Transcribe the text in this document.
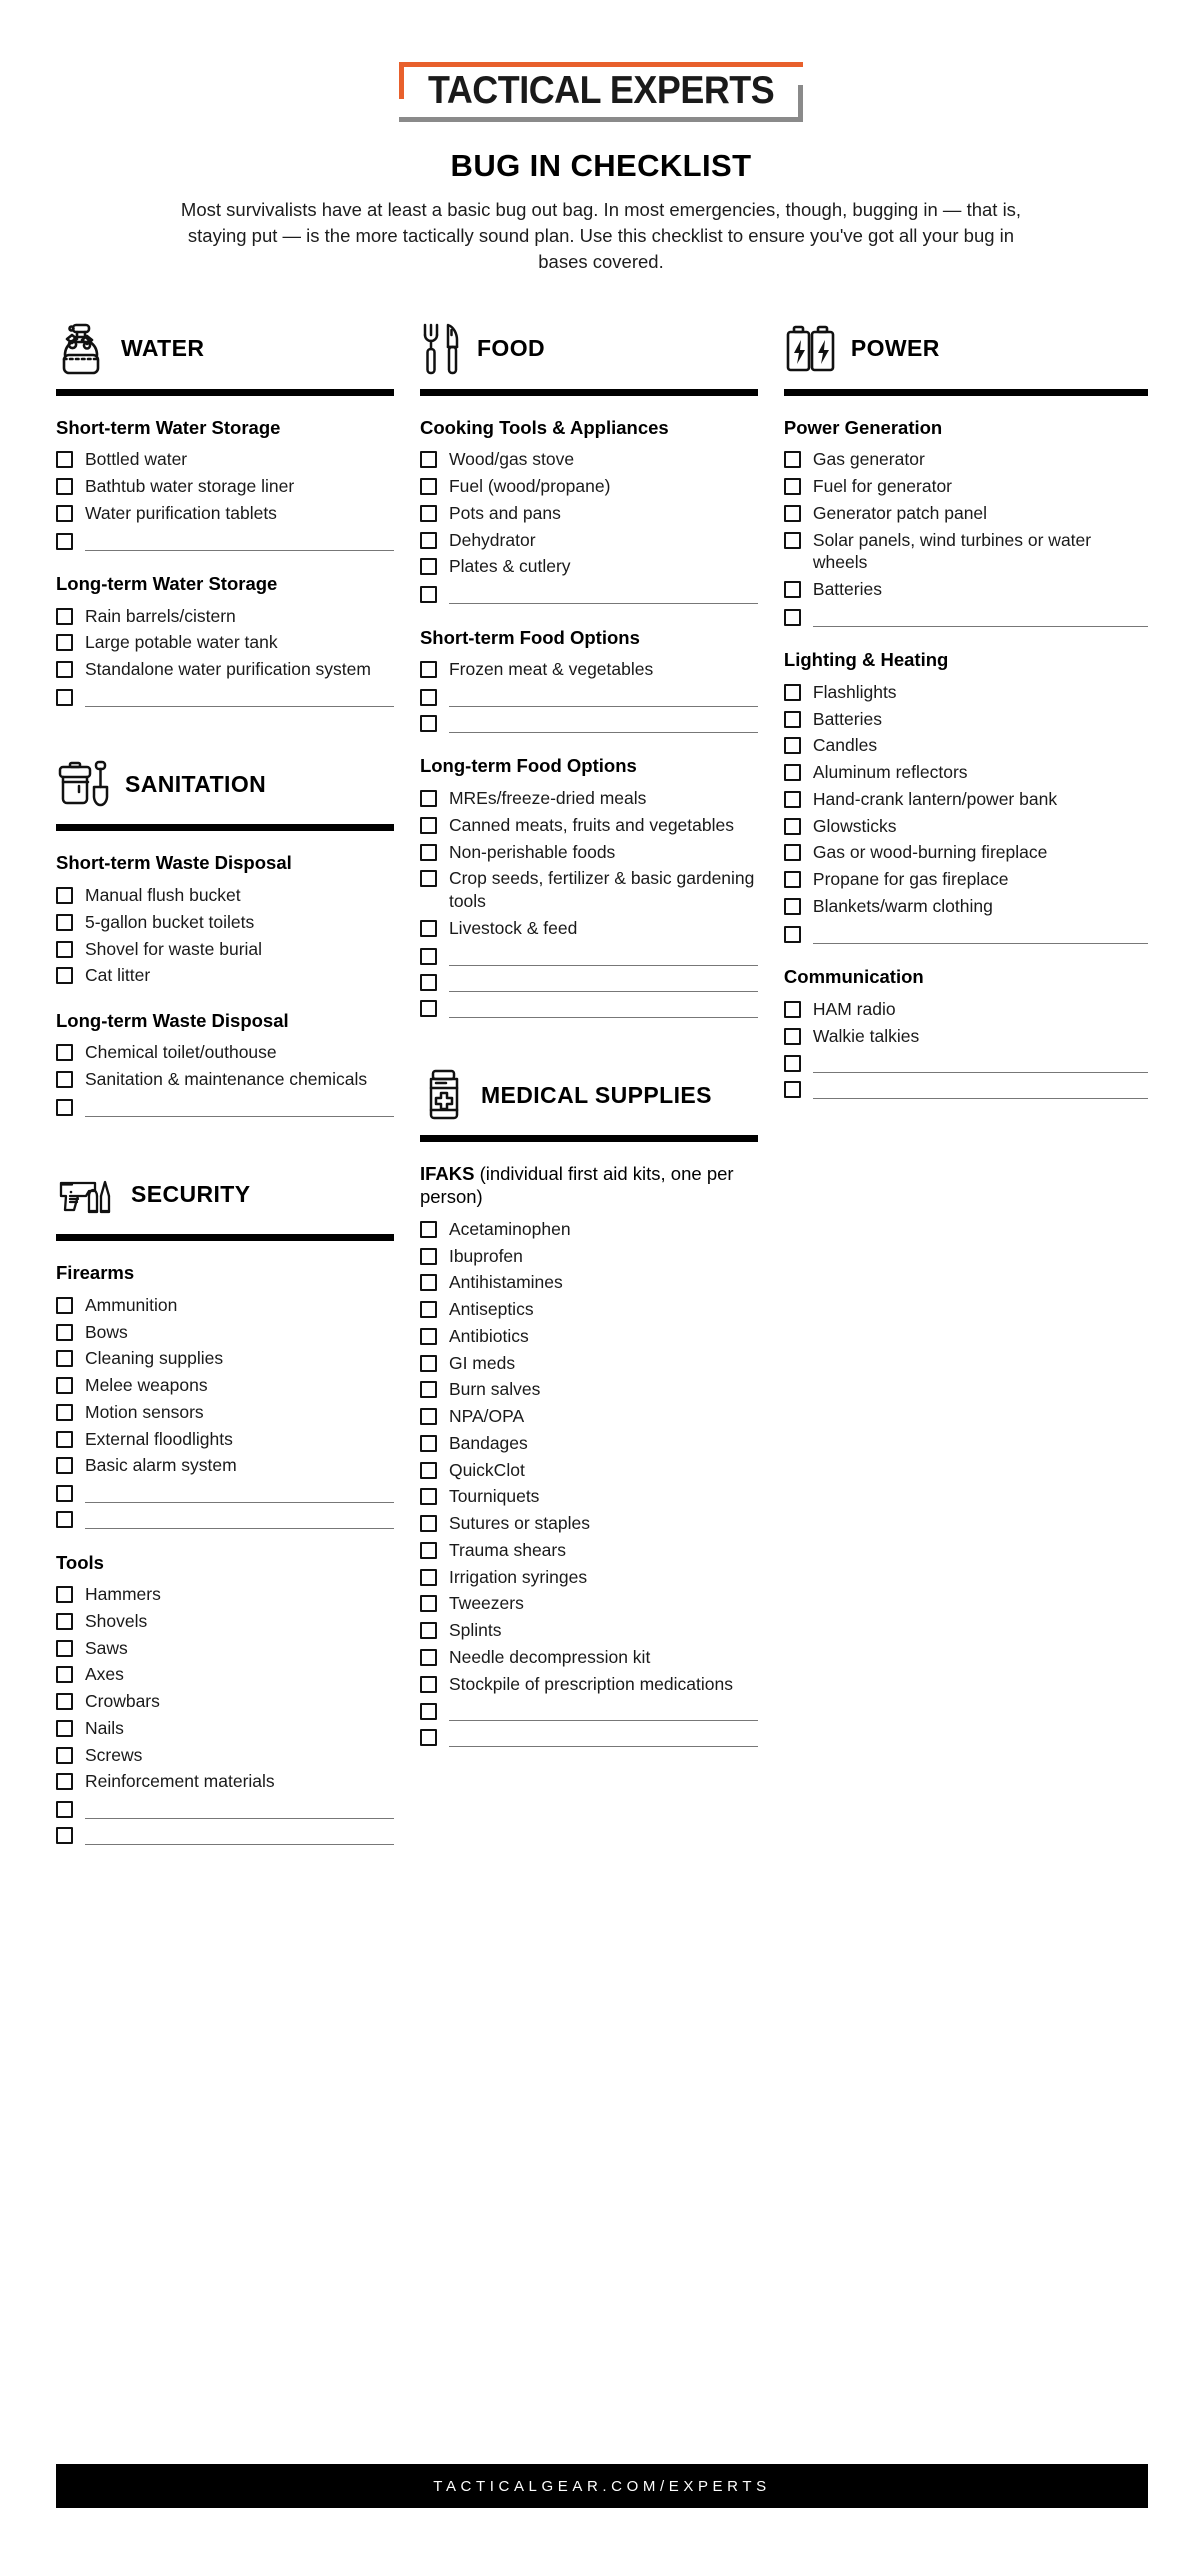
TACTICAL EXPERTS
BUG IN CHECKLIST

Most survivalists have at least a basic bug out bag. In most emergencies, though, bugging in — that is, staying put — is the more tactically sound plan. Use this checklist to ensure you've got all your bug in bases covered.

WATER
Short-term Water Storage
Bottled water
Bathtub water storage liner
Water purification tablets
Long-term Water Storage
Rain barrels/cistern
Large potable water tank
Standalone water purification system
SANITATION
Short-term Waste Disposal
Manual flush bucket
5-gallon bucket toilets
Shovel for waste burial
Cat litter
Long-term Waste Disposal
Chemical toilet/outhouse
Sanitation & maintenance chemicals
SECURITY
Firearms
Ammunition
Bows
Cleaning supplies
Melee weapons
Motion sensors
External floodlights
Basic alarm system
Tools
Hammers
Shovels
Saws
Axes
Crowbars
Nails
Screws
Reinforcement materials
FOOD
Cooking Tools & Appliances
Wood/gas stove
Fuel (wood/propane)
Pots and pans
Dehydrator
Plates & cutlery
Short-term Food Options
Frozen meat & vegetables
Long-term Food Options
MREs/freeze-dried meals
Canned meats, fruits and vegetables
Non-perishable foods
Crop seeds, fertilizer & basic gardening tools
Livestock & feed
MEDICAL SUPPLIES
IFAKS (individual first aid kits, one per person)
Acetaminophen
Ibuprofen
Antihistamines
Antiseptics
Antibiotics
GI meds
Burn salves
NPA/OPA
Bandages
QuickClot
Tourniquets
Sutures or staples
Trauma shears
Irrigation syringes
Tweezers
Splints
Needle decompression kit
Stockpile of prescription medications
POWER
Power Generation
Gas generator
Fuel for generator
Generator patch panel
Solar panels, wind turbines or water wheels
Batteries
Lighting & Heating
Flashlights
Batteries
Candles
Aluminum reflectors
Hand-crank lantern/power bank
Glowsticks
Gas or wood-burning fireplace
Propane for gas fireplace
Blankets/warm clothing
Communication
HAM radio
Walkie talkies
TACTICALGEAR.COM/EXPERTS
